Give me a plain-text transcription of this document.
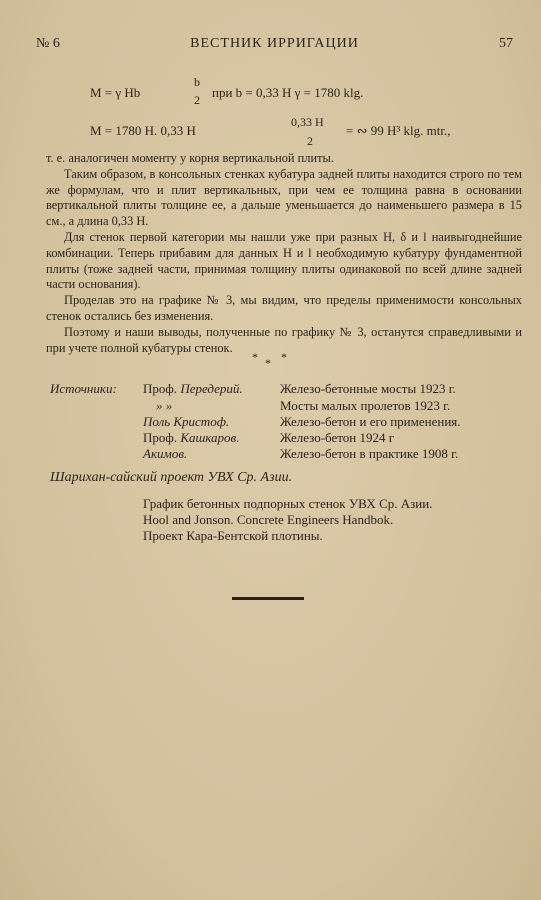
№ 6	ВЕСТНИК ИРРИГАЦИИ	57
M = γ Hb
b
2 при b = 0,33 H γ = 1780 klg.
M = 1780 H. 0,33 H
0,33 H
2
= ∾ 99 H³ klg. mtr.,

т. е. аналогичен моменту у корня вертикальной плиты.

Таким образом, в консольных стенках кубатура задней плиты находится строго по тем же формулам, что и плит вертикальных, при чем ее толщина равна в основании вертикальной плиты толщине ее, а дальше уменьшается до наименьшего размера в 15 см., а длина 0,33 H.

Для стенок первой категории мы нашли уже при разных H, δ и l наивыгоднейшие комбинации. Теперь прибавим для данных H и l необходимую кубатуру фундаментной плиты (тоже задней части, принимая толщину плиты одинаковой по всей длине задней части основания).

Проделав это на графике № 3, мы видим, что пределы применимости консольных стенок остались без изменения.

Поэтому и наши выводы, полученные по графику № 3, останутся справедливыми и при учете полной кубатуры стенок.

* * *
Источники: Проф. Передерий.	Железо-бетонные мосты 1923 г.
» »	Мосты малых пролетов 1923 г.
Поль Кристоф.	Железо-бетон и его применения.
Проф. Кашкаров.	Железо-бетон 1924 г
Акимов.	Железо-бетон в практике 1908 г.
Шарихан-сайский проект УВХ Ср. Азии.
График бетонных подпорных стенок УВХ Ср. Азии.
Hool and Jonson. Concrete Engineers Handbok.
Проект Кара-Бентской плотины.
